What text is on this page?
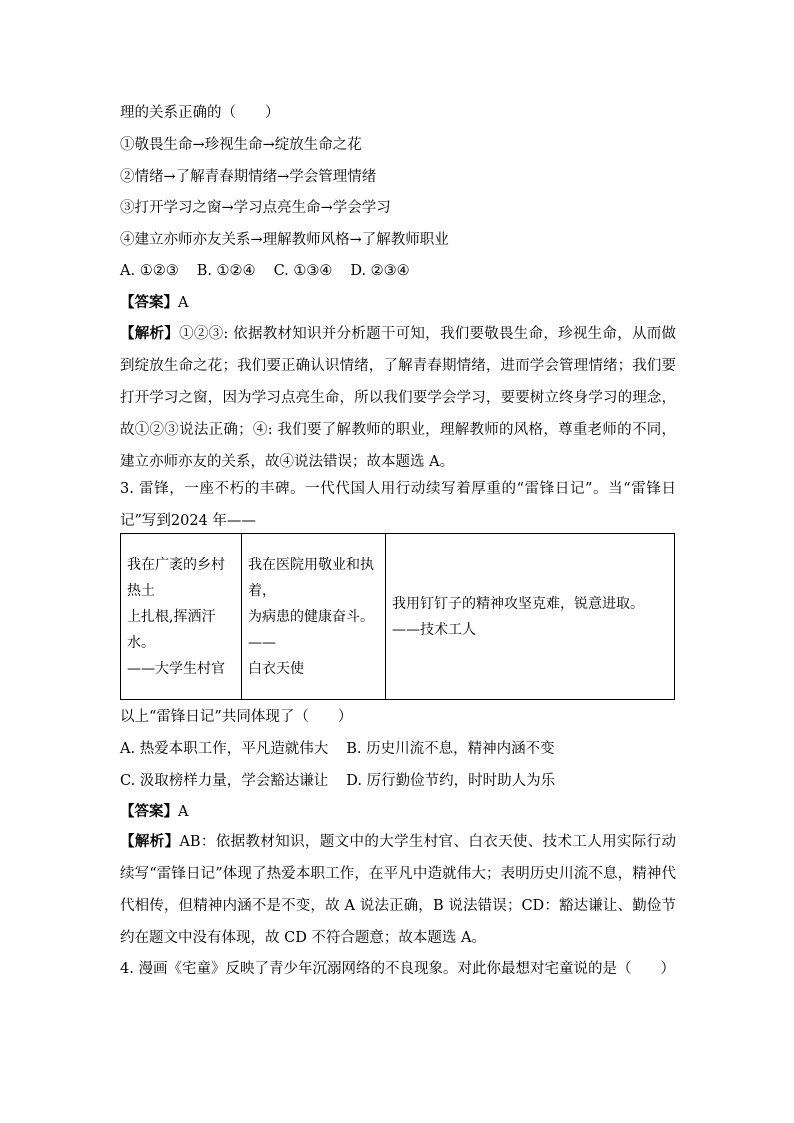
理的关系正确的（　　）
①敬畏生命→珍视生命→绽放生命之花
②情绪→了解青春期情绪→学会管理情绪
③打开学习之窗→学习点亮生命→学会学习
④建立亦师亦友关系→理解教师风格→了解教师职业
A. ①②③ B. ①②④ C. ①③④ D. ②③④
【答案】A
【解析】①②③: 依据教材知识并分析题干可知，我们要敬畏生命，珍视生命，从而做到绽放生命之花；我们要正确认识情绪，了解青春期情绪，进而学会管理情绪；我们要打开学习之窗，因为学习点亮生命，所以我们要学会学习，要要树立终身学习的理念，故①②③说法正确；④: 我们要了解教师的职业，理解教师的风格，尊重老师的不同，建立亦师亦友的关系，故④说法错误；故本题选 A。
3. 雷锋，一座不朽的丰碑。一代代国人用行动续写着厚重的“雷锋日记”。当“雷锋日记”写到2024 年——
我在广袤的乡村热土
上扎根,挥洒汗水。
——大学生村官

我在医院用敬业和执着，
为病患的健康奋斗。
——
白衣天使

我用钉钉子的精神攻坚克难，锐意进取。——技术工人
以上“雷锋日记”共同体现了（　　）
A. 热爱本职工作，平凡造就伟大 B. 历史川流不息，精神内涵不变
C. 汲取榜样力量，学会豁达谦让 D. 厉行勤俭节约，时时助人为乐
【答案】A
【解析】AB：依据教材知识，题文中的大学生村官、白衣天使、技术工人用实际行动续写“雷锋日记”体现了热爱本职工作，在平凡中造就伟大；表明历史川流不息，精神代代相传，但精神内涵不是不变，故 A 说法正确，B 说法错误；CD：豁达谦让、勤俭节约在题文中没有体现，故 CD 不符合题意；故本题选 A。
4. 漫画《宅童》反映了青少年沉溺网络的不良现象。对此你最想对宅童说的是（　　）
